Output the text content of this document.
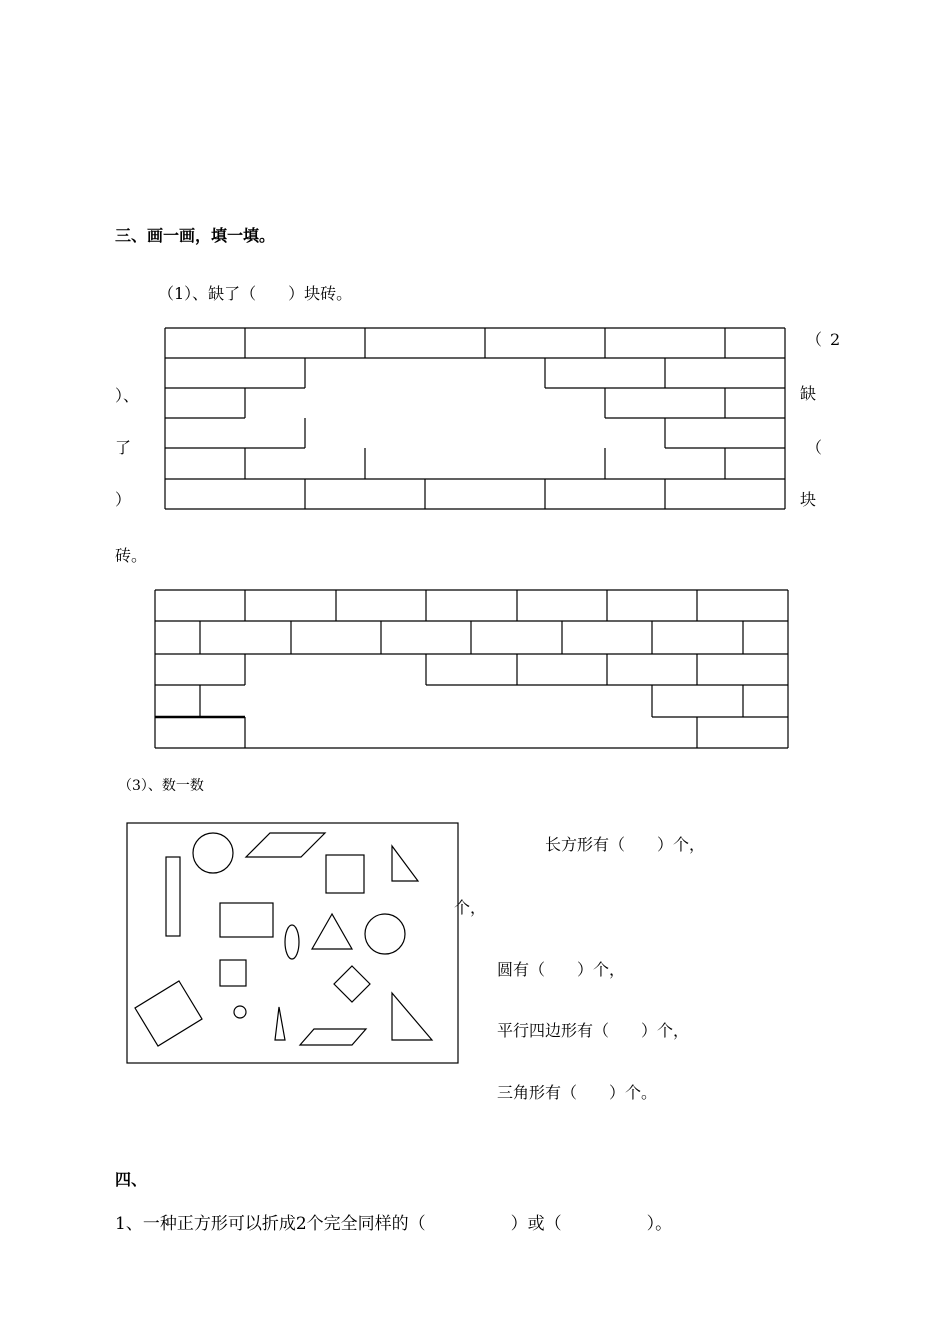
三、画一画，填一填。
（1）、缺了（　　）块砖。
（ 2
缺
（
块
）、
了
）
砖。
（3）、数一数
长方形有（　　）个，
个，
圆有（　　）个，
平行四边形有（　　）个，
三角形有（　　）个。
四、
1、一种正方形可以折成2个完全同样的（　　　　　）或（　　　　　）。
